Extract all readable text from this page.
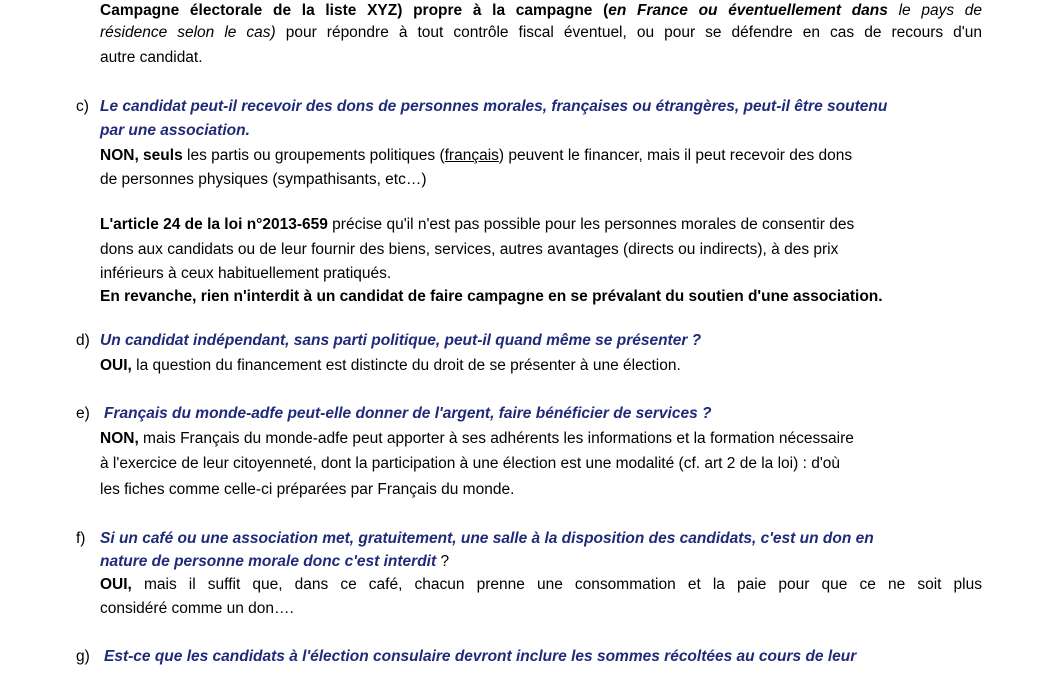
Campagne électorale de la liste XYZ) propre à la campagne (en France ou éventuellement dans le pays de
résidence selon le cas) pour répondre à tout contrôle fiscal éventuel, ou pour se défendre en cas de recours d'un
autre candidat.
c) Le candidat peut-il recevoir des dons de personnes morales, françaises ou étrangères, peut-il être soutenu
par une association.
NON, seuls les partis ou groupements politiques (français) peuvent le financer, mais il peut recevoir des dons
de personnes physiques (sympathisants, etc…)
L'article 24 de la loi n°2013-659 précise qu'il n'est pas possible pour les personnes morales de consentir des
dons aux candidats ou de leur fournir des biens, services, autres avantages (directs ou indirects), à des prix
inférieurs à ceux habituellement pratiqués.
En revanche, rien n'interdit à un candidat de faire campagne en se prévalant du soutien d'une association.
d) Un candidat indépendant, sans parti politique, peut-il quand même se présenter ?
OUI, la question du financement est distincte du droit de se présenter à une élection.
e) Français du monde-adfe peut-elle donner de l'argent, faire bénéficier de services ?
NON, mais Français du monde-adfe peut apporter à ses adhérents les informations et la formation nécessaire
à l'exercice de leur citoyenneté, dont la participation à une élection est une modalité (cf. art 2 de la loi) : d'où
les fiches comme celle-ci préparées par Français du monde.
f) Si un café ou une association met, gratuitement, une salle à la disposition des candidats, c'est un don en
nature de personne morale donc c'est interdit ?
OUI, mais il suffit que, dans ce café, chacun prenne une consommation et la paie pour que ce ne soit plus
considéré comme un don….
g) Est-ce que les candidats à l'élection consulaire devront inclure les sommes récoltées au cours de leur
